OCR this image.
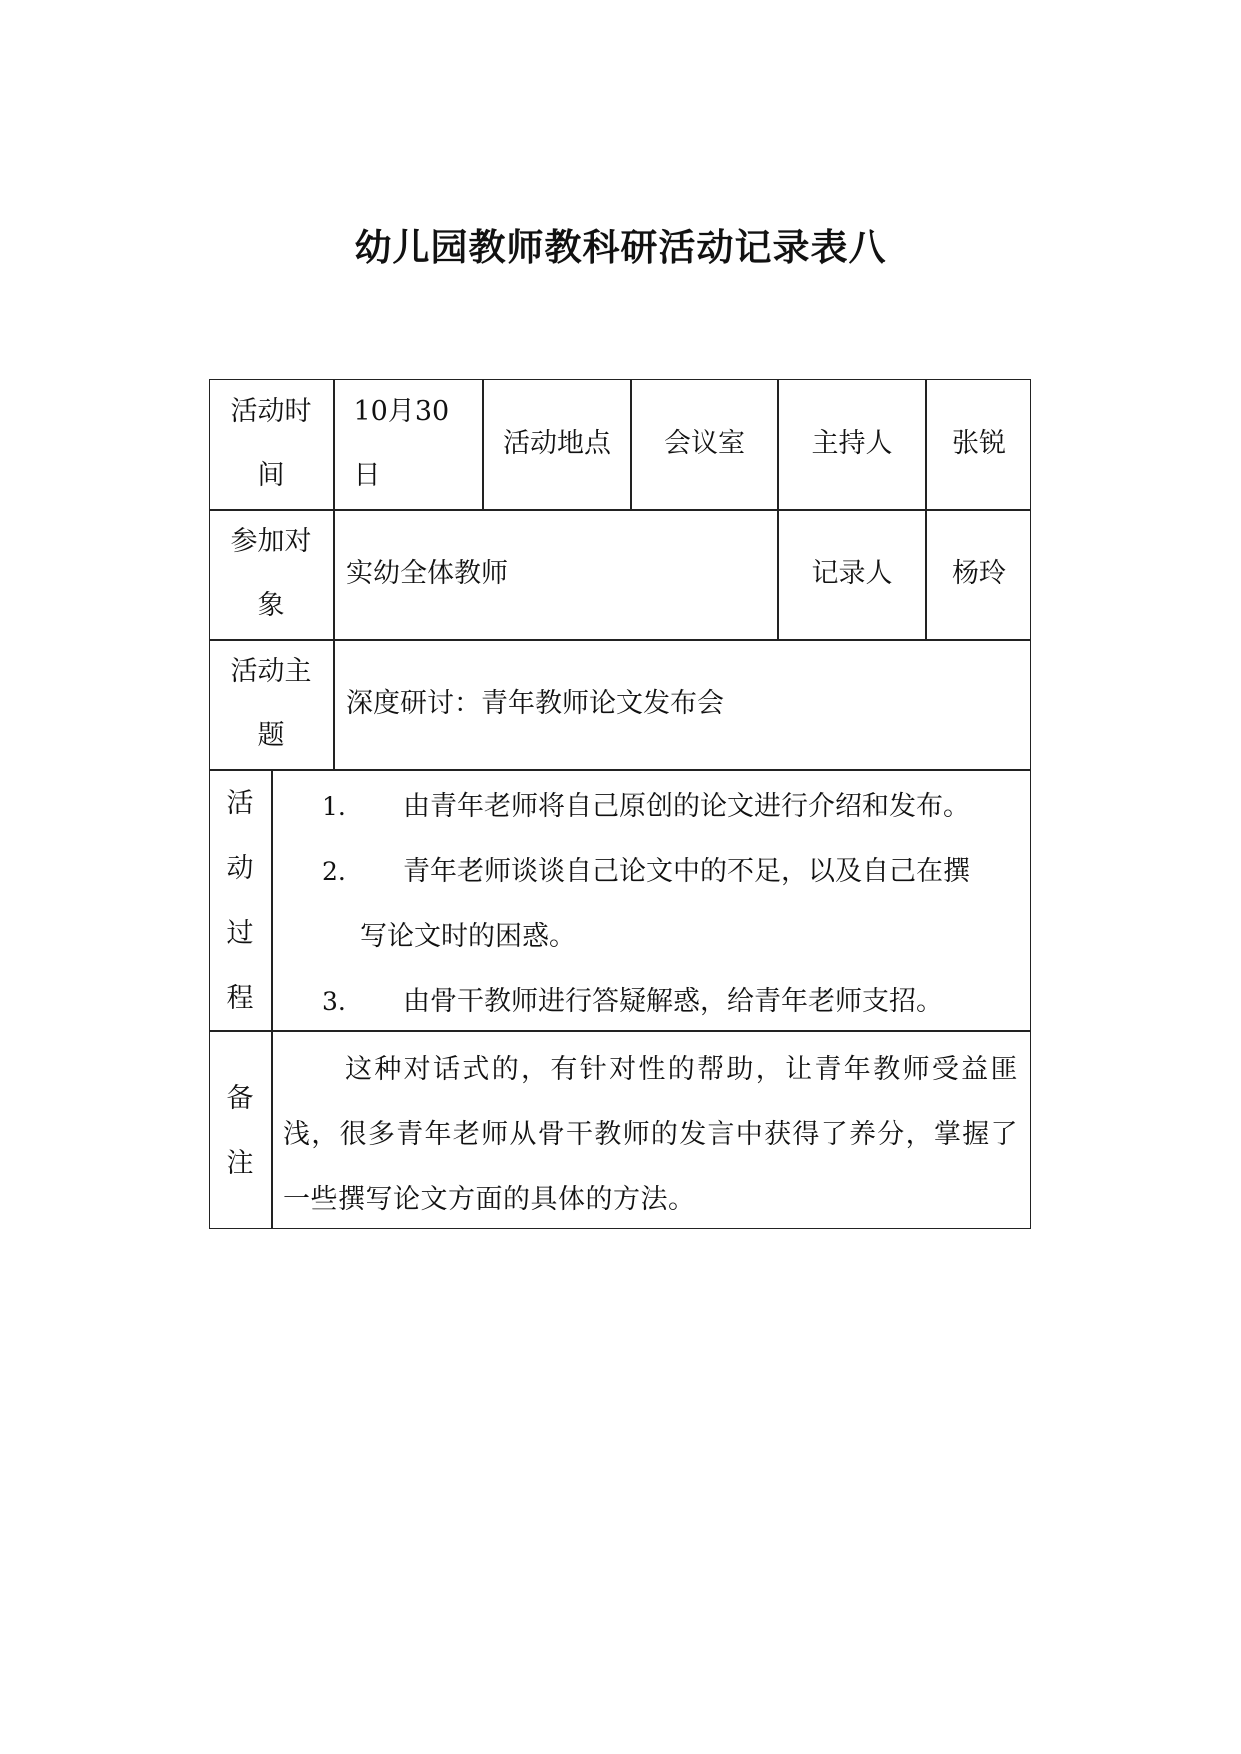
幼儿园教师教科研活动记录表八
活动时间
10月30日
活动地点 会议室 主持人 张锐
参加对象
实幼全体教师	记录人 杨玲
活动主题
深度研讨：青年教师论文发布会
活动过程
1. 由青年老师将自己原创的论文进行介绍和发布。
2. 青年老师谈谈自己论文中的不足，以及自己在撰
写论文时的困惑。
3. 由骨干教师进行答疑解惑，给青年老师支招。
备注
这种对话式的，有针对性的帮助，让青年教师受益匪浅，很多青年老师从骨干教师的发言中获得了养分，掌握了一些撰写论文方面的具体的方法。
